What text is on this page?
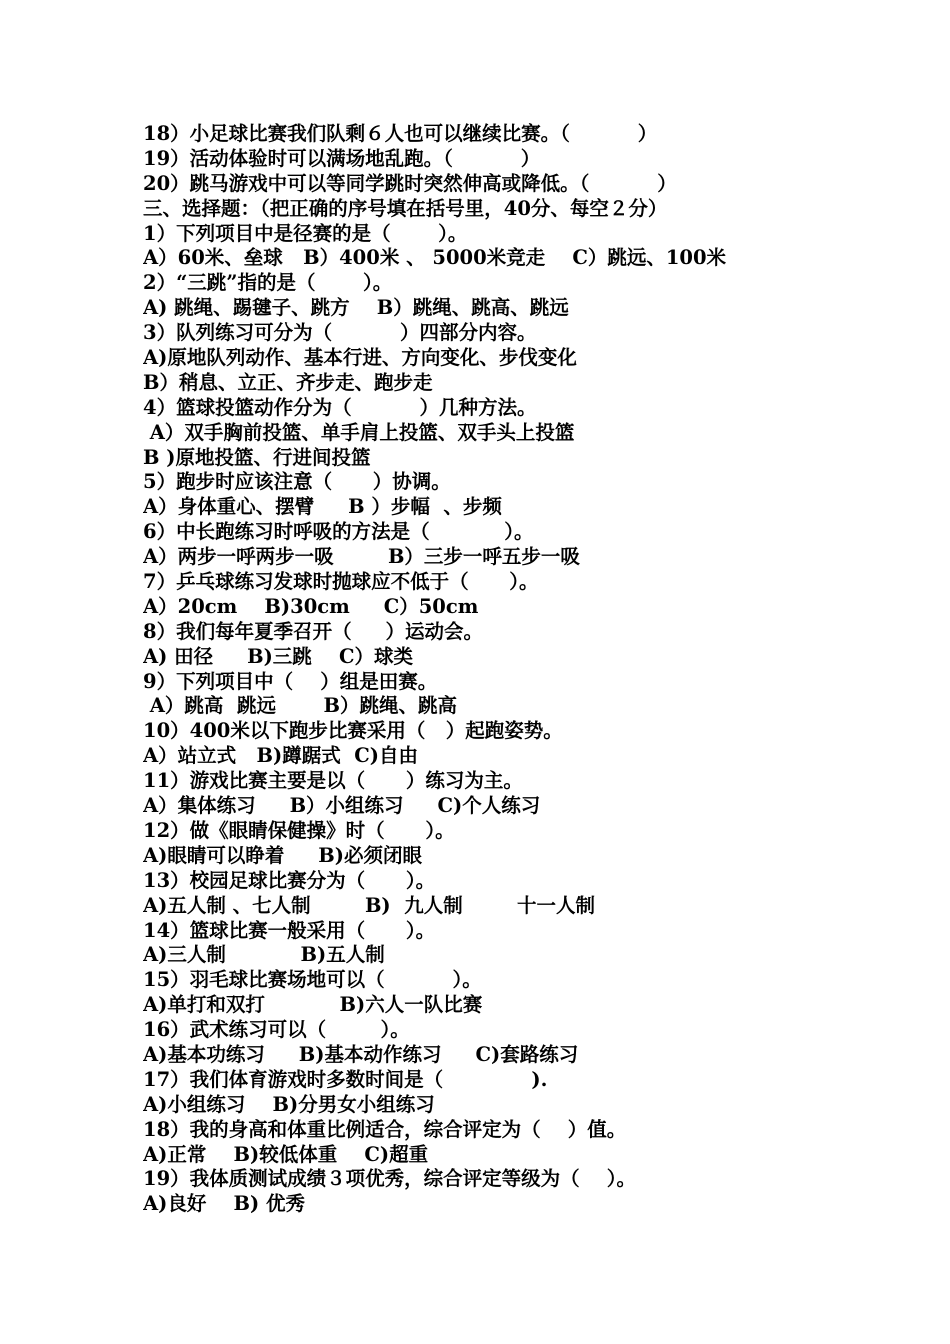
18）小足球比赛我们队剩６人也可以继续比赛。（          ）
19）活动体验时可以满场地乱跑。（          ）
20）跳马游戏中可以等同学跳时突然伸高或降低。（          ）
三、选择题：（把正确的序号填在括号里，40分、每空２分）
1）下列项目中是径赛的是（       ）。
A）60米、垒球   B）400米 、 5000米竞走    C）跳远、100米
2）“三跳”指的是（       ）。
A) 跳绳、踢毽子、跳方    B）跳绳、跳高、跳远
3）队列练习可分为（          ）四部分内容。
A)原地队列动作、基本行进、方向变化、步伐变化
B）稍息、立正、齐步走、跑步走
4）篮球投篮动作分为（          ）几种方法。
A）双手胸前投篮、单手肩上投篮、双手头上投篮
B )原地投篮、行进间投篮
5）跑步时应该注意（      ）协调。
A）身体重心、摆臂     B ）步幅  、步频
6）中长跑练习时呼吸的方法是（           ）。
A）两步一呼两步一吸        B）三步一呼五步一吸
7）乒乓球练习发球时抛球应不低于（      ）。
A）20cm    B)30cm     C）50cm
8）我们每年夏季召开（     ）运动会。
A) 田径     B)三跳    C）球类
9）下列项目中（    ）组是田赛。
A）跳高  跳远       B）跳绳、跳高
10）400米以下跑步比赛采用（   ）起跑姿势。
A）站立式   B)蹲踞式  C)自由
11）游戏比赛主要是以（      ）练习为主。
A）集体练习     B）小组练习     C)个人练习
12）做《眼睛保健操》时（      ）。
A)眼睛可以睁着     B)必须闭眼
13）校园足球比赛分为（      ）。
A)五人制 、七人制        B)  九人制        十一人制
14）篮球比赛一般采用（      ）。
A)三人制           B)五人制
15）羽毛球比赛场地可以（          ）。
A)单打和双打           B)六人一队比赛
16）武术练习可以（        ）。
A)基本功练习     B)基本动作练习     C)套路练习
17）我们体育游戏时多数时间是（             ).
A)小组练习    B)分男女小组练习
18）我的身高和体重比例适合，综合评定为（    ）值。
A)正常    B)较低体重    C)超重
19）我体质测试成绩３项优秀，综合评定等级为（    ）。
A)良好    B) 优秀
